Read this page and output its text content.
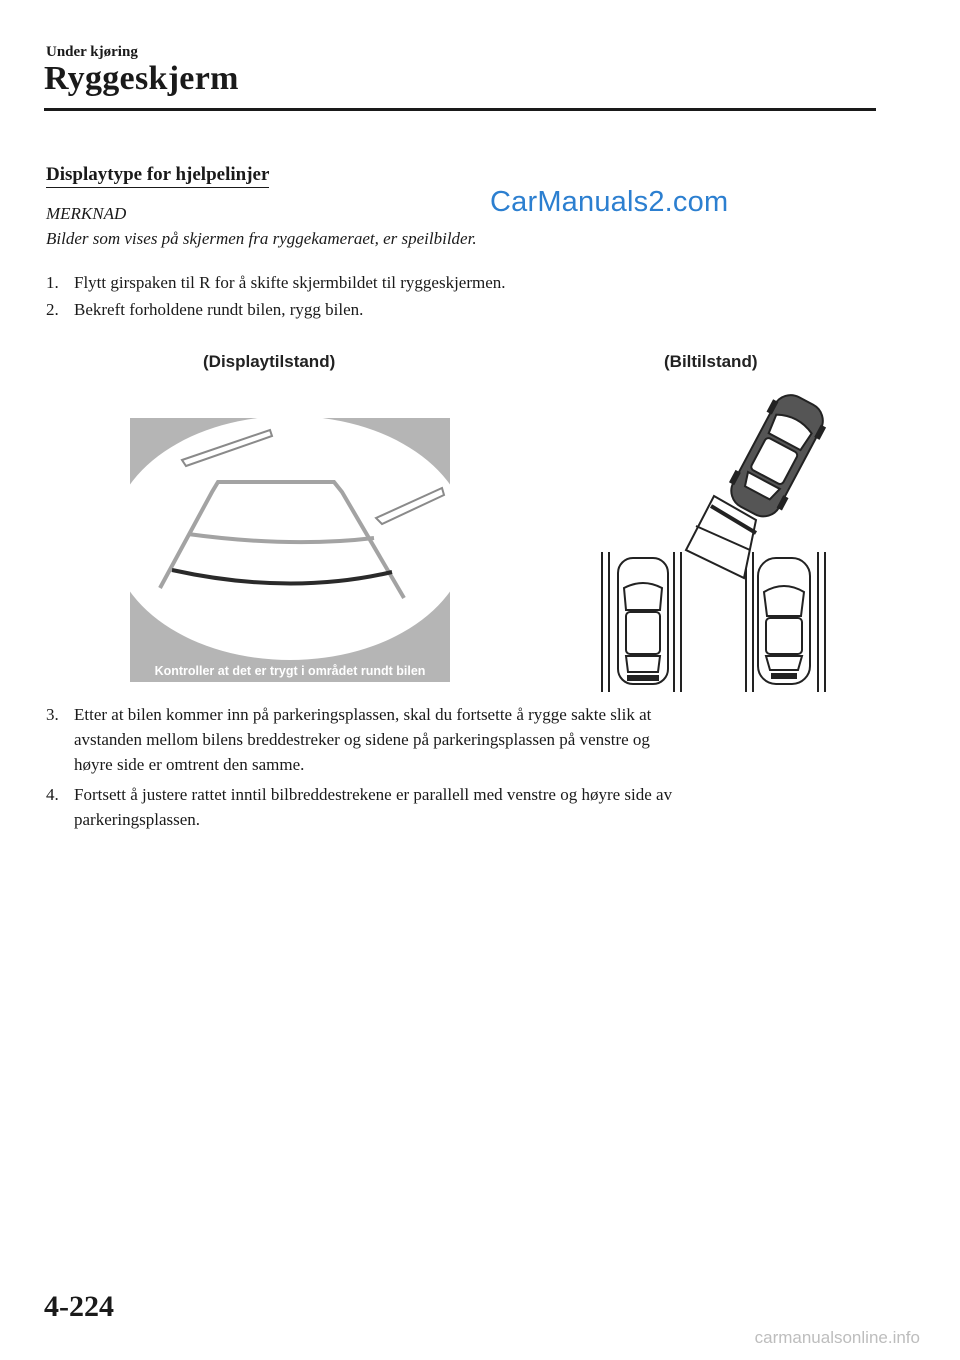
Under kjøring
Ryggeskjerm
Displaytype for hjelpelinjer
CarManuals2.com
MERKNAD
Bilder som vises på skjermen fra ryggekameraet, er speilbilder.
1. Flytt girspaken til R for å skifte skjermbildet til ryggeskjermen.
2. Bekreft forholdene rundt bilen, rygg bilen.
(Displaytilstand)	(Biltilstand)
Kontroller at det er trygt i området rundt bilen
3. Etter at bilen kommer inn på parkeringsplassen, skal du fortsette å rygge sakte slik at
avstanden mellom bilens breddestreker og sidene på parkeringsplassen på venstre og
høyre side er omtrent den samme.
4. Fortsett å justere rattet inntil bilbreddestrekene er parallell med venstre og høyre side av
parkeringsplassen.
4-224
carmanualsonline.info
